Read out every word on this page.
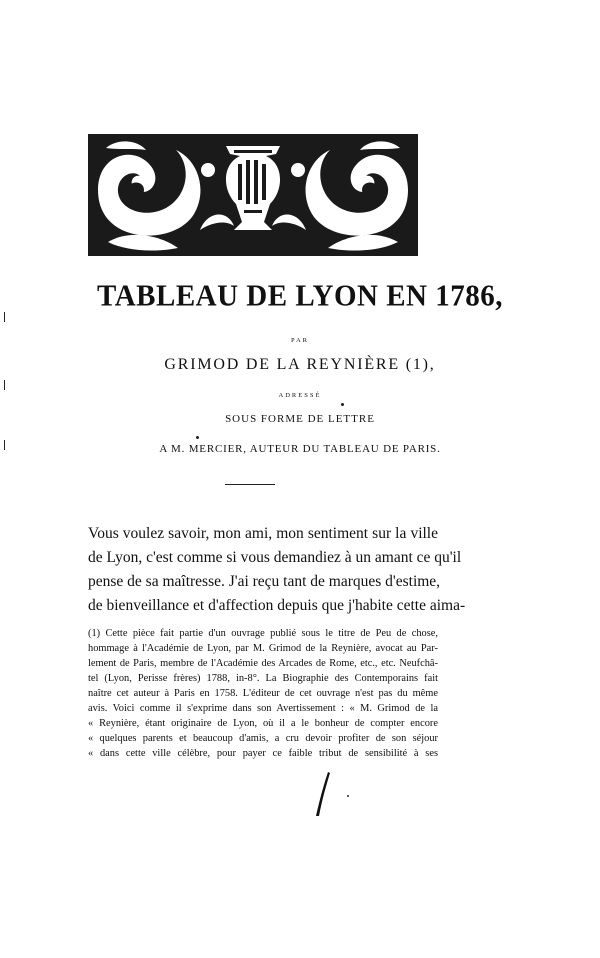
TABLEAU DE LYON EN 1786,
PAR
GRIMOD DE LA REYNIÈRE (1),
ADRESSÉ
SOUS FORME DE LETTRE
A M. MERCIER, AUTEUR DU TABLEAU DE PARIS.
Vous voulez savoir, mon ami, mon sentiment sur la ville
de Lyon, c'est comme si vous demandiez à un amant ce qu'il
pense de sa maîtresse. J'ai reçu tant de marques d'estime,
de bienveillance et d'affection depuis que j'habite cette aima-
(1) Cette pièce fait partie d'un ouvrage publié sous le titre de Peu de chose,
hommage à l'Académie de Lyon, par M. Grimod de la Reynière, avocat au Par-
lement de Paris, membre de l'Académie des Arcades de Rome, etc., etc. Neufchâ-
tel (Lyon, Perisse frères) 1788, in-8°. La Biographie des Contemporains fait
naître cet auteur à Paris en 1758. L'éditeur de cet ouvrage n'est pas du même
avis. Voici comme il s'exprime dans son Avertissement : « M. Grimod de la
« Reynière, étant originaire de Lyon, où il a le bonheur de compter encore
« quelques parents et beaucoup d'amis, a cru devoir profiter de son séjour
« dans cette ville célèbre, pour payer ce faible tribut de sensibilité à ses
